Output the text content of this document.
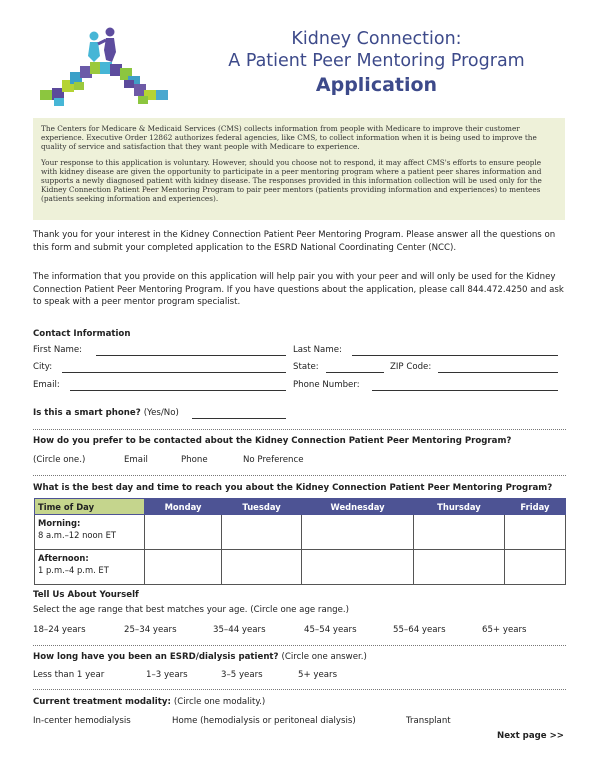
Kidney Connection:
A Patient Peer Mentoring Program
Application

The Centers for Medicare & Medicaid Services (CMS) collects information from people with Medicare to improve their customer experience. Executive Order 12862 authorizes federal agencies, like CMS, to collect information when it is being used to improve the quality of service and satisfaction that they want people with Medicare to experience.

Your response to this application is voluntary. However, should you choose not to respond, it may affect CMS's efforts to ensure people with kidney disease are given the opportunity to participate in a peer mentoring program where a patient peer shares information and supports a newly diagnosed patient with kidney disease. The responses provided in this information collection will be used only for the Kidney Connection Patient Peer Mentoring Program to pair peer mentors (patients providing information and experiences) to mentees (patients seeking information and experiences).

Thank you for your interest in the Kidney Connection Patient Peer Mentoring Program. Please answer all the questions on this form and submit your completed application to the ESRD National Coordinating Center (NCC).
The information that you provide on this application will help pair you with your peer and will only be used for the Kidney Connection Patient Peer Mentoring Program. If you have questions about the application, please call 844.472.4250 and ask to speak with a peer mentor program specialist.
Contact Information
First Name:	Last Name:
City:	State:	ZIP Code:
Email:	Phone Number:
Is this a smart phone? (Yes/No)
How do you prefer to be contacted about the Kidney Connection Patient Peer Mentoring Program?
(Circle one.)	Email	Phone	No Preference
What is the best day and time to reach you about the Kidney Connection Patient Peer Mentoring Program?
Time of Day	Monday	Tuesday	Wednesday	Thursday	Friday
Morning:
8 a.m.–12 noon ET					
Afternoon:
1 p.m.–4 p.m. ET					
Tell Us About Yourself
Select the age range that best matches your age. (Circle one age range.)
18–24 years	25–34 years	35–44 years	45–54 years	55–64 years	65+ years
How long have you been an ESRD/dialysis patient? (Circle one answer.)
Less than 1 year	1–3 years	3–5 years	5+ years
Current treatment modality: (Circle one modality.)
In-center hemodialysis	Home (hemodialysis or peritoneal dialysis)	Transplant
Next page >>
